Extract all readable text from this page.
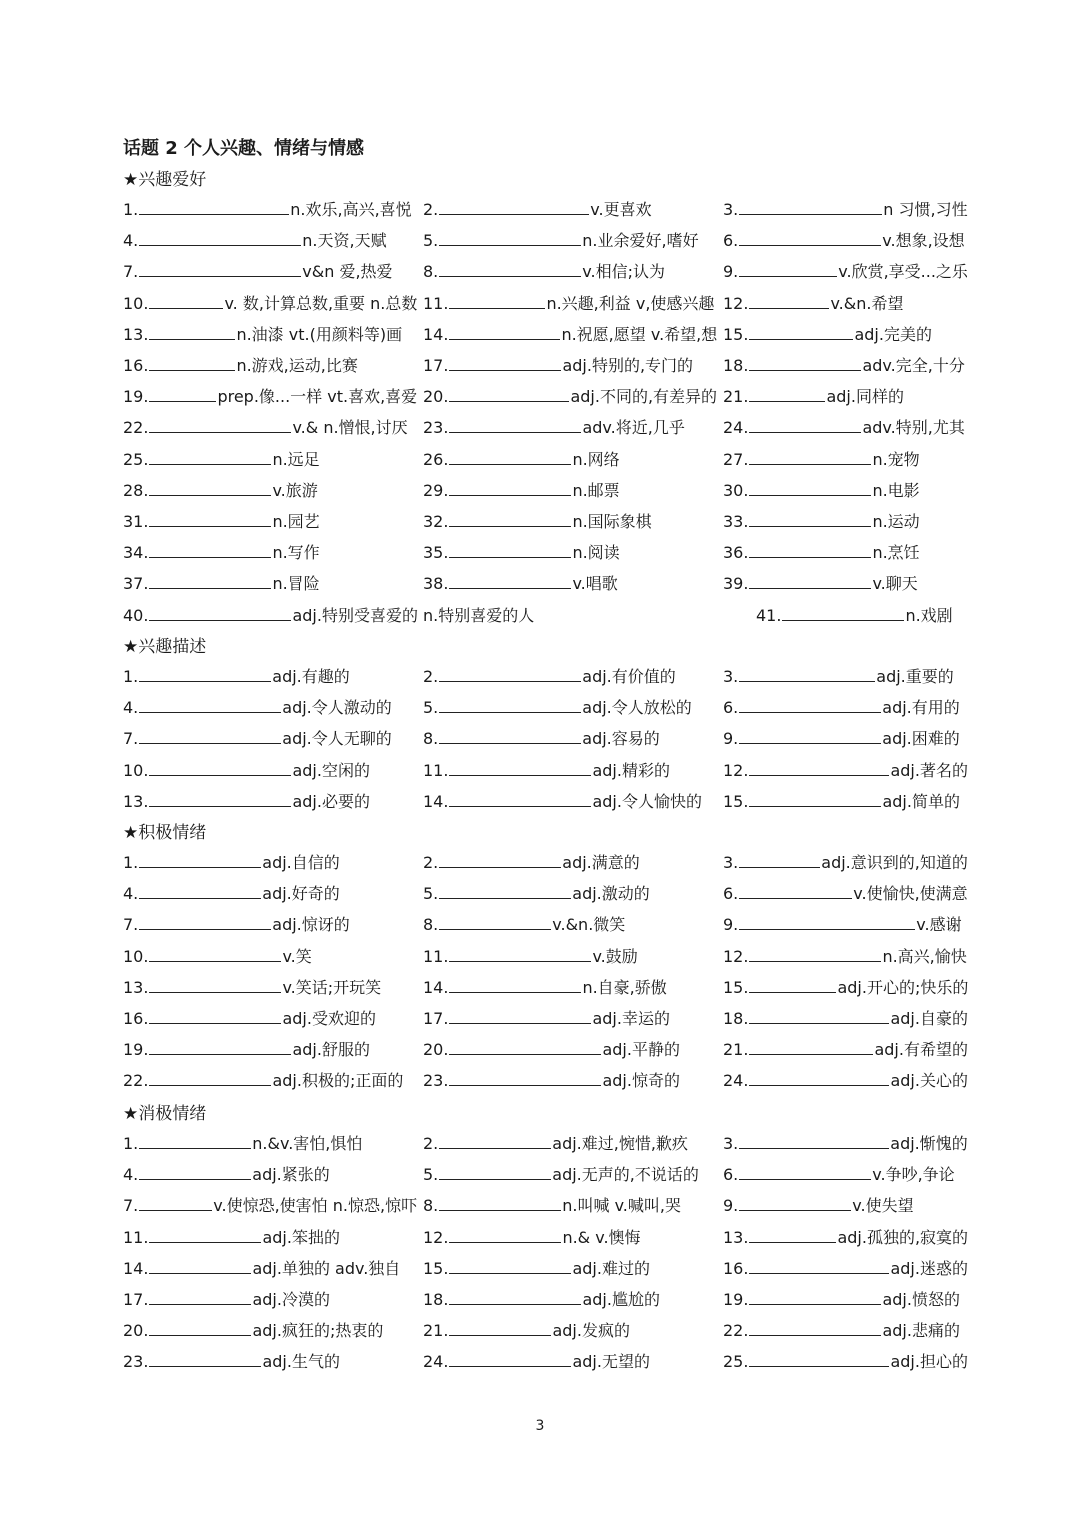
话题 2 个人兴趣、情绪与情感
★兴趣爱好
1.	n.欢乐,高兴,喜悦 2.	v.更喜欢	3.	n 习惯,习性
4.	n.天资,天赋 5.	n.业余爱好,嗜好 6.	v.想象,设想
7.	v&n 爱,热爱 8.	v.相信;认为	9.	v.欣赏,享受...之乐
10.	v. 数,计算总数,重要 n.总数 11.	n.兴趣,利益 v,使感兴趣 12.	v.&n.希望
13.	n.油漆 vt.(用颜料等)画 14.	n.祝愿,愿望 v.希望,想 15.	adj.完美的
16.	n.游戏,运动,比赛	17.	adj.特别的,专门的 18.	adv.完全,十分
19.	prep.像...一样 vt.喜欢,喜爱 20.	adj.不同的,有差异的 21.	adj.同样的
22.	v.& n.憎恨,讨厌 23.	adv.将近,几乎 24.	adv.特别,尤其
25.	n.远足	26.	n.网络	27.	n.宠物
28.	v.旅游	29.	n.邮票	30.	n.电影
31.	n.园艺	32.	n.国际象棋	33.	n.运动
34.	n.写作	35.	n.阅读	36.	n.烹饪
37.	n.冒险	38.	v.唱歌	39.	v.聊天
40.	adj.特别受喜爱的 n.特别喜爱的人	41.	n.戏剧
★兴趣描述
1.	adj.有趣的	2.	adj.有价值的	3.	adj.重要的
4.	adj.令人激动的 5.	adj.令人放松的 6.	adj.有用的
7.	adj.令人无聊的 8.	adj.容易的	9.	adj.困难的
10.	adj.空闲的	11.	adj.精彩的	12.	adj.著名的
13.	adj.必要的	14.	adj.令人愉快的 15.	adj.简单的
★积极情绪
1.	adj.自信的	2.	adj.满意的	3.	adj.意识到的,知道的
4.	adj.好奇的	5.	adj.激动的	6.	v.使愉快,使满意
7.	adj.惊讶的	8.	v.&n.微笑	9.	v.感谢
10.	v.笑	11.	v.鼓励	12.	n.高兴,愉快
13.	v.笑话;开玩笑	14.	n.自豪,骄傲	15.	adj.开心的;快乐的
16.	adj.受欢迎的	17.	adj.幸运的	18.	adj.自豪的
19.	adj.舒服的	20.	adj.平静的	21.	adj.有希望的
22.	adj.积极的;正面的 23.	adj.惊奇的	24.	adj.关心的
★消极情绪
1.	n.&v.害怕,惧怕	2.	adj.难过,惋惜,歉疚 3.	adj.惭愧的
4.	adj.紧张的	5.	adj.无声的,不说话的 6.	v.争吵,争论
7.	v.使惊恐,使害怕 n.惊恐,惊吓 8.	n.叫喊 v.喊叫,哭	9.	v.使失望
11.	adj.笨拙的	12.	n.& v.懊悔	13.	adj.孤独的,寂寞的
14.	adj.单独的 adv.独自 15.	adj.难过的	16.	adj.迷惑的
17.	adj.冷漠的	18.	adj.尴尬的	19.	adj.愤怒的
20.	adj.疯狂的;热衷的 21.	adj.发疯的	22.	adj.悲痛的
23.	adj.生气的	24.	adj.无望的	25.	adj.担心的
3
